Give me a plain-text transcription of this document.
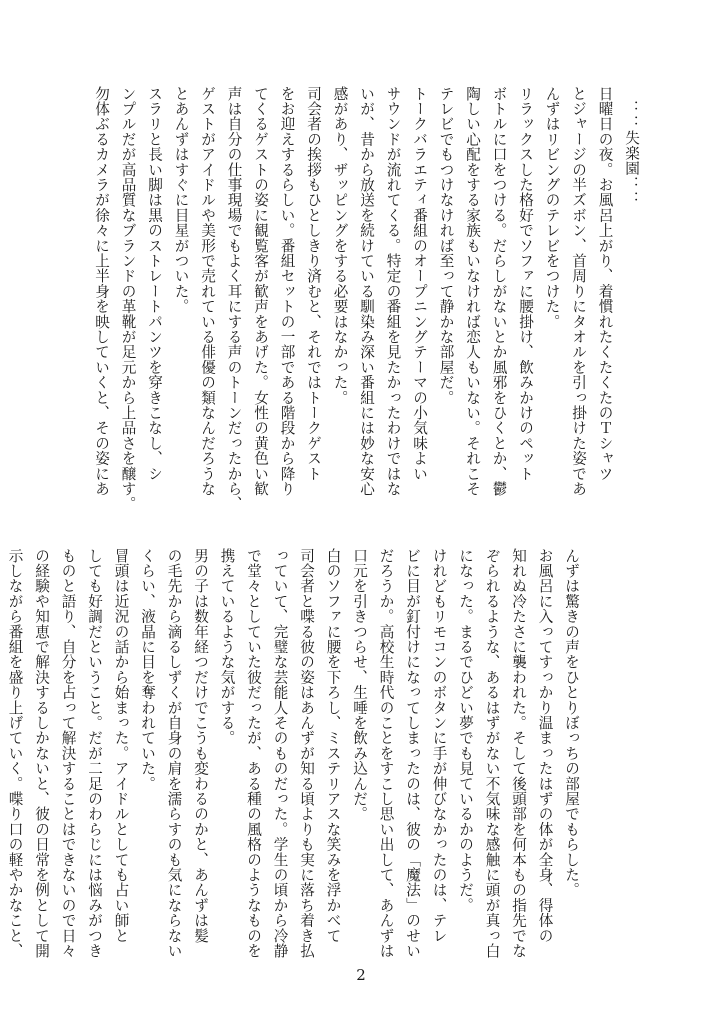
：：失楽園：：

日曜日の夜。お風呂上がり、着慣れたくたくたのＴシャツ

とジャージの半ズボン、首周りにタオルを引っ掛けた姿であ

んずはリビングのテレビをつけた。

リラックスした格好でソファに腰掛け、飲みかけのペット

ボトルに口をつける。だらしがないとか風邪をひくとか、鬱

陶しい心配をする家族もいなければ恋人もいない。それこそ

テレビでもつけなければ至って静かな部屋だ。

トークバラエティ番組のオープニングテーマの小気味よい

サウンドが流れてくる。特定の番組を見たかったわけではな

いが、昔から放送を続けている馴染み深い番組には妙な安心

感があり、ザッピングをする必要はなかった。

司会者の挨拶もひとしきり済むと、それではトークゲスト

をお迎えするらしい。番組セットの一部である階段から降り

てくるゲストの姿に観覧客が歓声をあげた。女性の黄色い歓

声は自分の仕事現場でもよく耳にする声のトーンだったから、

ゲストがアイドルや美形で売れている俳優の類なんだろうな

とあんずはすぐに目星がついた。

スラリと長い脚は黒のストレートパンツを穿きこなし、シ

ンプルだが高品質なブランドの革靴が足元から上品さを醸す。

勿体ぶるカメラが徐々に上半身を映していくと、その姿にあ

んずは驚きの声をひとりぼっちの部屋でもらした。

お風呂に入ってすっかり温まったはずの体が全身、得体の

知れぬ冷たさに襲われた。そして後頭部を何本もの指先でな

ぞられるような、あるはずがない不気味な感触に頭が真っ白

になった。まるでひどい夢でも見ているかのようだ。

けれどもリモコンのボタンに手が伸びなかったのは、テレ

ビに目が釘付けになってしまったのは、彼の「魔法」のせい

だろうか。高校生時代のことをすこし思い出して、あんずは

口元を引きつらせ、生唾を飲み込んだ。

白のソファに腰を下ろし、ミステリアスな笑みを浮かべて

司会者と喋る彼の姿はあんずが知る頃よりも実に落ち着き払

っていて、完璧な芸能人そのものだった。学生の頃から冷静

で堂々としていた彼だったが、ある種の風格のようなものを

携えているような気がする。

男の子は数年経つだけでこうも変わるのかと、あんずは髪

の毛先から滴るしずくが自身の肩を濡らすのも気にならない

くらい、液晶に目を奪われていた。

冒頭は近況の話から始まった。アイドルとしても占い師と

しても好調だということ。だが二足のわらじには悩みがつき

ものと語り、自分を占って解決することはできないので日々

の経験や知恵で解決するしかないと、彼の日常を例として開

示しながら番組を盛り上げていく。喋り口の軽やかなこと、

2
